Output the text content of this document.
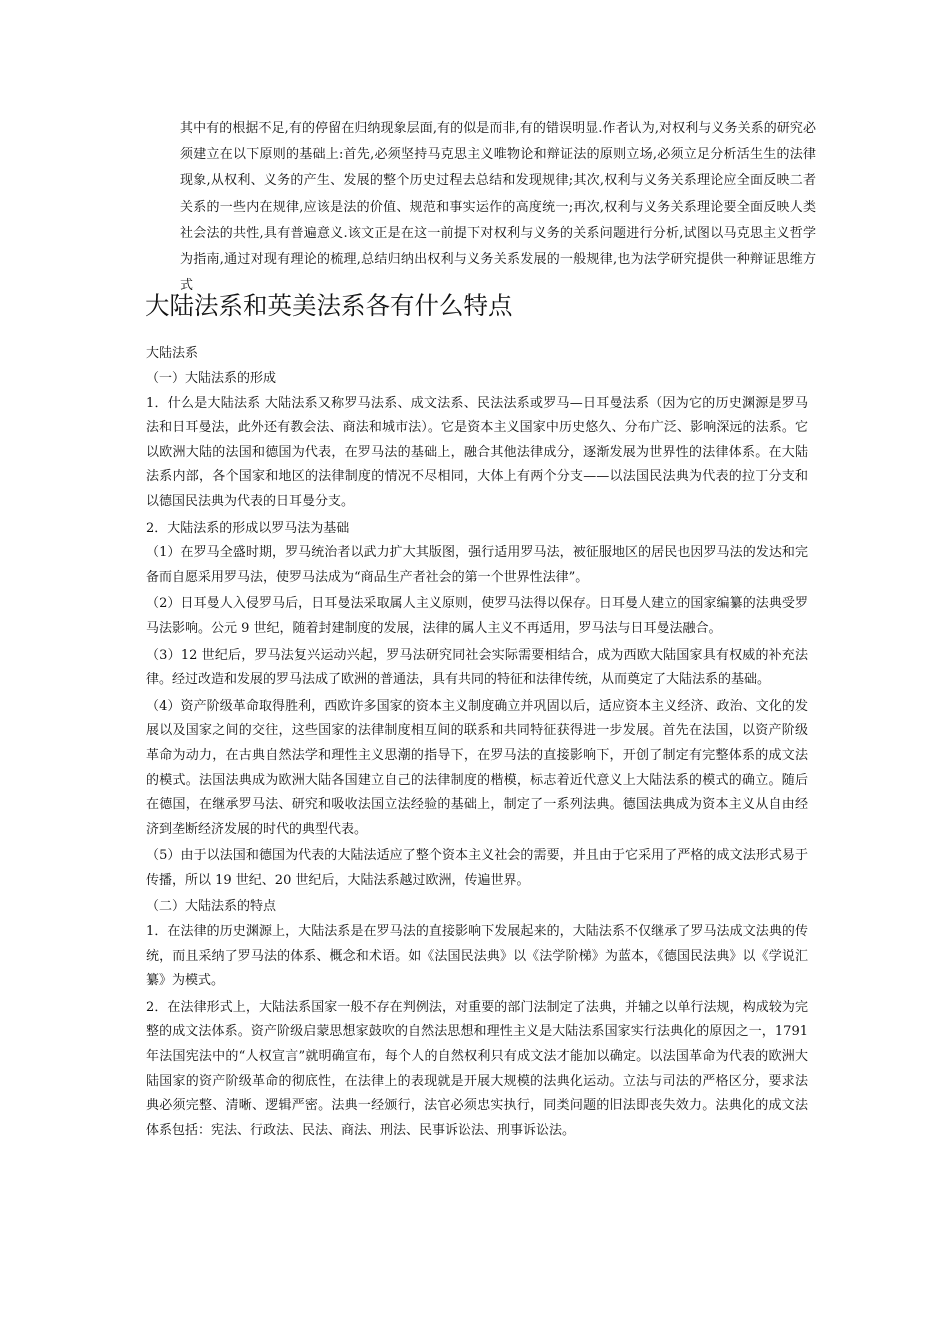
其中有的根据不足,有的停留在归纳现象层面,有的似是而非,有的错误明显.作者认为,对权利与义务关系的研究必须建立在以下原则的基础上:首先,必须坚持马克思主义唯物论和辩证法的原则立场,必须立足分析活生生的法律现象,从权利、义务的产生、发展的整个历史过程去总结和发现规律;其次,权利与义务关系理论应全面反映二者关系的一些内在规律,应该是法的价值、规范和事实运作的高度统一;再次,权利与义务关系理论要全面反映人类社会法的共性,具有普遍意义.该文正是在这一前提下对权利与义务的关系问题进行分析,试图以马克思主义哲学为指南,通过对现有理论的梳理,总结归纳出权利与义务关系发展的一般规律,也为法学研究提供一种辩证思维方式

大陆法系和英美法系各有什么特点
大陆法系

（一）大陆法系的形成

1．什么是大陆法系 大陆法系又称罗马法系、成文法系、民法法系或罗马—日耳曼法系（因为它的历史渊源是罗马法和日耳曼法，此外还有教会法、商法和城市法）。它是资本主义国家中历史悠久、分布广泛、影响深远的法系。它以欧洲大陆的法国和德国为代表，在罗马法的基础上，融合其他法律成分，逐渐发展为世界性的法律体系。在大陆法系内部，各个国家和地区的法律制度的情况不尽相同，大体上有两个分支——以法国民法典为代表的拉丁分支和以德国民法典为代表的日耳曼分支。

2．大陆法系的形成以罗马法为基础

（1）在罗马全盛时期，罗马统治者以武力扩大其版图，强行适用罗马法，被征服地区的居民也因罗马法的发达和完备而自愿采用罗马法，使罗马法成为“商品生产者社会的第一个世界性法律”。

（2）日耳曼人入侵罗马后，日耳曼法采取属人主义原则，使罗马法得以保存。日耳曼人建立的国家编纂的法典受罗马法影响。公元 9 世纪，随着封建制度的发展，法律的属人主义不再适用，罗马法与日耳曼法融合。

（3）12 世纪后，罗马法复兴运动兴起，罗马法研究同社会实际需要相结合，成为西欧大陆国家具有权威的补充法律。经过改造和发展的罗马法成了欧洲的普通法，具有共同的特征和法律传统，从而奠定了大陆法系的基础。

（4）资产阶级革命取得胜利，西欧许多国家的资本主义制度确立并巩固以后，适应资本主义经济、政治、文化的发展以及国家之间的交往，这些国家的法律制度相互间的联系和共同特征获得进一步发展。首先在法国，以资产阶级革命为动力，在古典自然法学和理性主义思潮的指导下，在罗马法的直接影响下，开创了制定有完整体系的成文法的模式。法国法典成为欧洲大陆各国建立自己的法律制度的楷模，标志着近代意义上大陆法系的模式的确立。随后在德国，在继承罗马法、研究和吸收法国立法经验的基础上，制定了一系列法典。德国法典成为资本主义从自由经济到垄断经济发展的时代的典型代表。

（5）由于以法国和德国为代表的大陆法适应了整个资本主义社会的需要，并且由于它采用了严格的成文法形式易于传播，所以 19 世纪、20 世纪后，大陆法系越过欧洲，传遍世界。

（二）大陆法系的特点

1．在法律的历史渊源上，大陆法系是在罗马法的直接影响下发展起来的，大陆法系不仅继承了罗马法成文法典的传统，而且采纳了罗马法的体系、概念和术语。如《法国民法典》以《法学阶梯》为蓝本，《德国民法典》以《学说汇纂》为模式。

2．在法律形式上，大陆法系国家一般不存在判例法，对重要的部门法制定了法典，并辅之以单行法规，构成较为完整的成文法体系。资产阶级启蒙思想家鼓吹的自然法思想和理性主义是大陆法系国家实行法典化的原因之一，1791 年法国宪法中的“人权宣言”就明确宣布，每个人的自然权利只有成文法才能加以确定。以法国革命为代表的欧洲大陆国家的资产阶级革命的彻底性，在法律上的表现就是开展大规模的法典化运动。立法与司法的严格区分，要求法典必须完整、清晰、逻辑严密。法典一经颁行，法官必须忠实执行，同类问题的旧法即丧失效力。法典化的成文法体系包括：宪法、行政法、民法、商法、刑法、民事诉讼法、刑事诉讼法。
